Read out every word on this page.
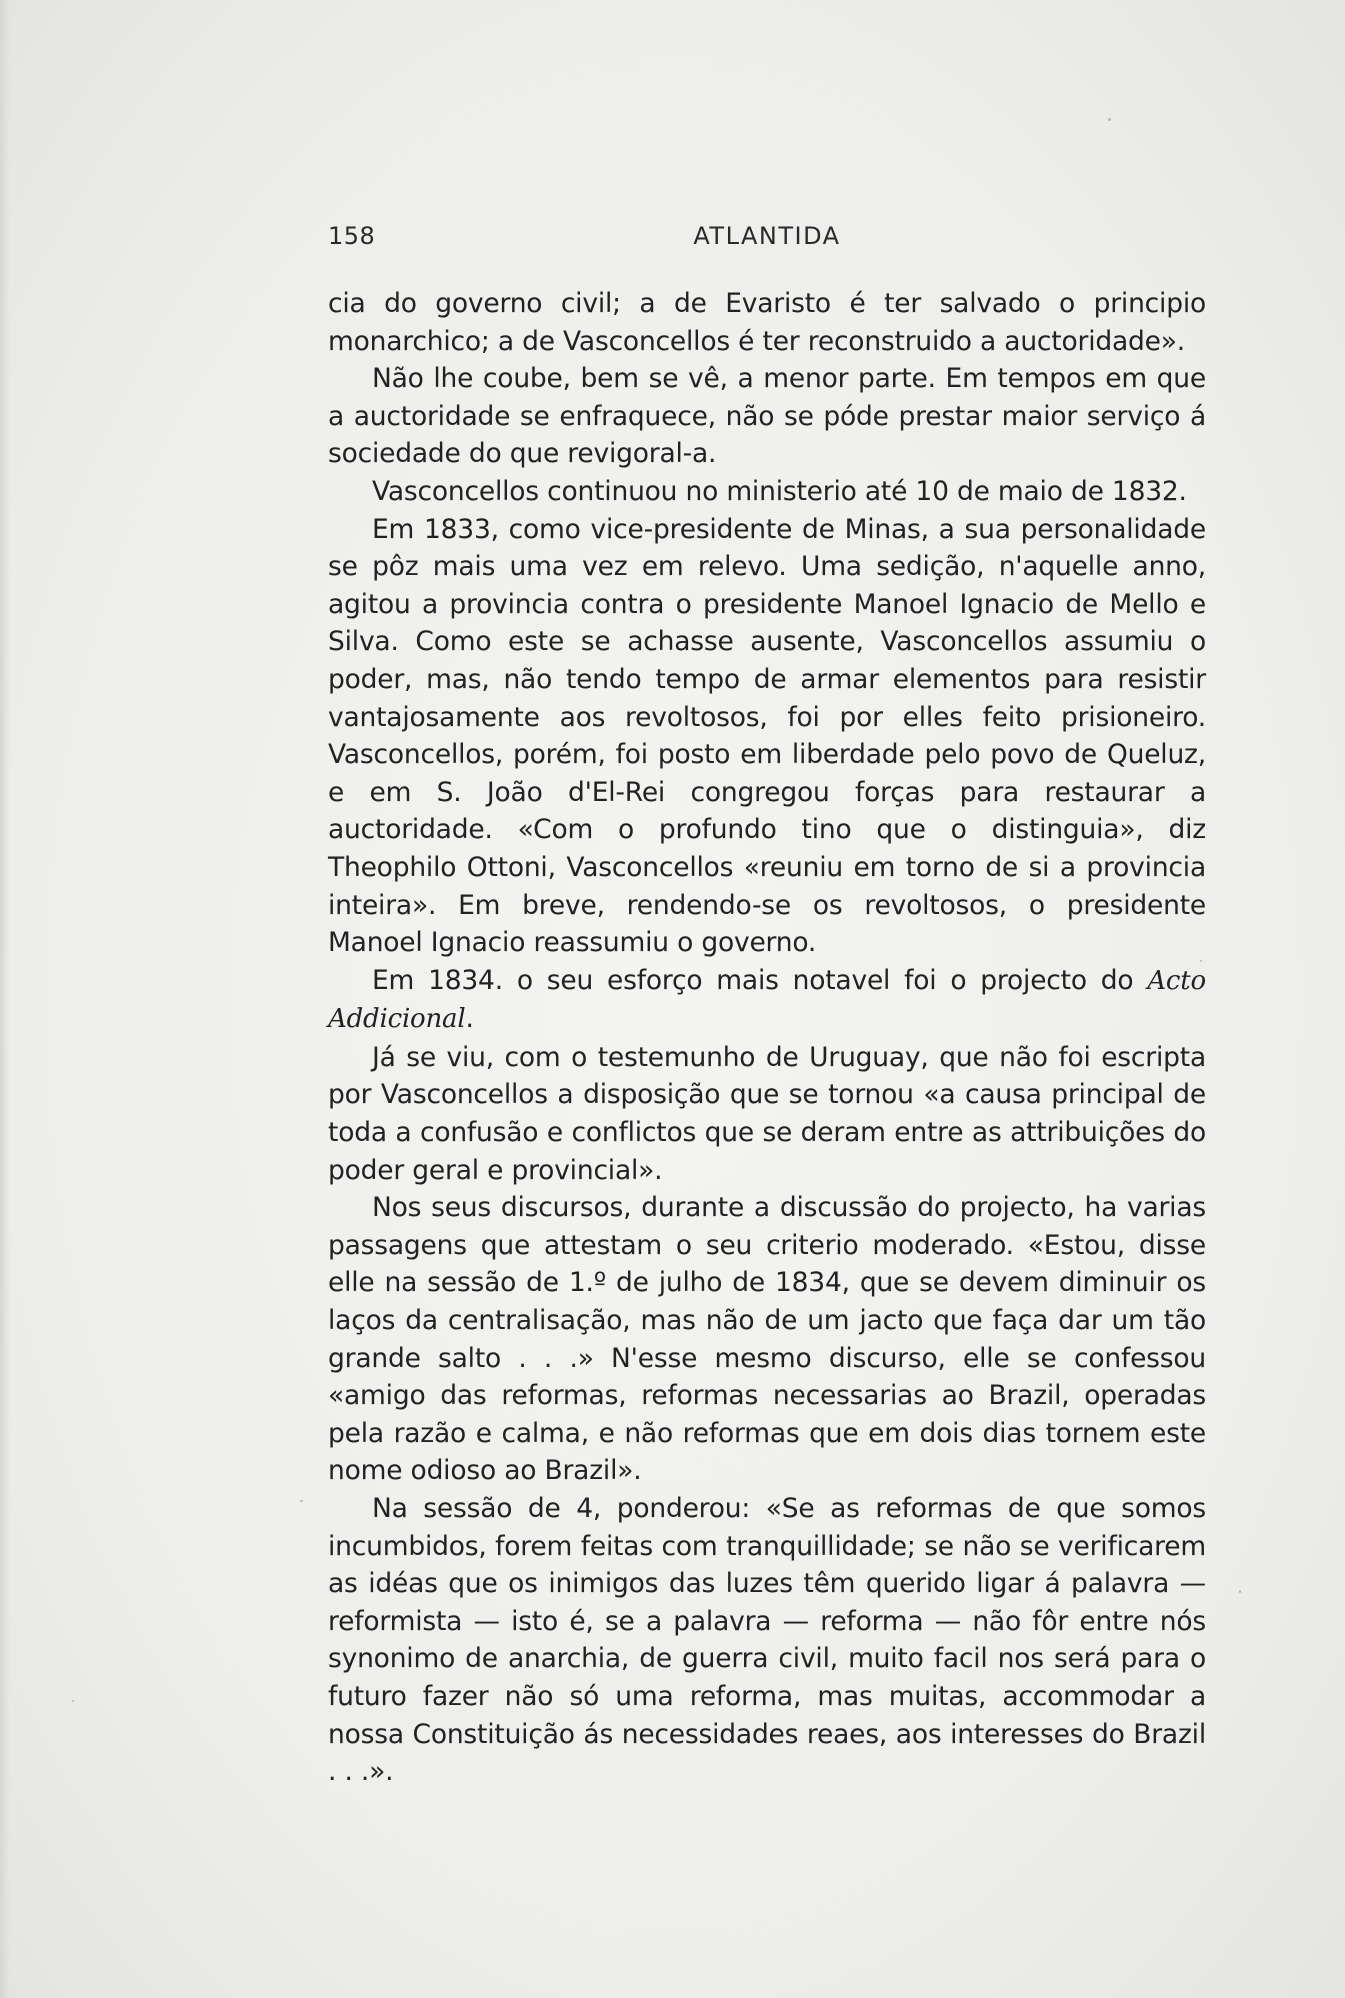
158	ATLANTIDA

cia do governo civil; a de Evaristo é ter salvado o principio monarchico; a de Vasconcellos é ter reconstruido a auctoridade».

Não lhe coube, bem se vê, a menor parte. Em tempos em que a auctoridade se enfraquece, não se póde prestar maior serviço á sociedade do que revigoral-a.

Vasconcellos continuou no ministerio até 10 de maio de 1832.

Em 1833, como vice-presidente de Minas, a sua personalidade se pôz mais uma vez em relevo. Uma sedição, n'aquelle anno, agitou a provincia contra o presidente Manoel Ignacio de Mello e Silva. Como este se achasse ausente, Vasconcellos assumiu o poder, mas, não tendo tempo de armar elementos para resistir vantajosamente aos revoltosos, foi por elles feito prisioneiro. Vasconcellos, porém, foi posto em liberdade pelo povo de Queluz, e em S. João d'El-Rei congregou forças para restaurar a auctoridade. «Com o profundo tino que o distinguia», diz Theophilo Ottoni, Vasconcellos «reuniu em torno de si a provincia inteira». Em breve, rendendo-se os revoltosos, o presidente Manoel Ignacio reassumiu o governo.

Em 1834. o seu esforço mais notavel foi o projecto do Acto Addicional.

Já se viu, com o testemunho de Uruguay, que não foi escripta por Vasconcellos a disposição que se tornou «a causa principal de toda a confusão e conflictos que se deram entre as attribuições do poder geral e provincial».

Nos seus discursos, durante a discussão do projecto, ha varias passagens que attestam o seu criterio moderado. «Estou, disse elle na sessão de 1.º de julho de 1834, que se devem diminuir os laços da centralisação, mas não de um jacto que faça dar um tão grande salto . . .» N'esse mesmo discurso, elle se confessou «amigo das reformas, reformas necessarias ao Brazil, operadas pela razão e calma, e não reformas que em dois dias tornem este nome odioso ao Brazil».

Na sessão de 4, ponderou: «Se as reformas de que somos incumbidos, forem feitas com tranquillidade; se não se verificarem as idéas que os inimigos das luzes têm querido ligar á palavra — reformista — isto é, se a palavra — reforma — não fôr entre nós synonimo de anarchia, de guerra civil, muito facil nos será para o futuro fazer não só uma reforma, mas muitas, accommodar a nossa Constituição ás necessidades reaes, aos interesses do Brazil . . .».
